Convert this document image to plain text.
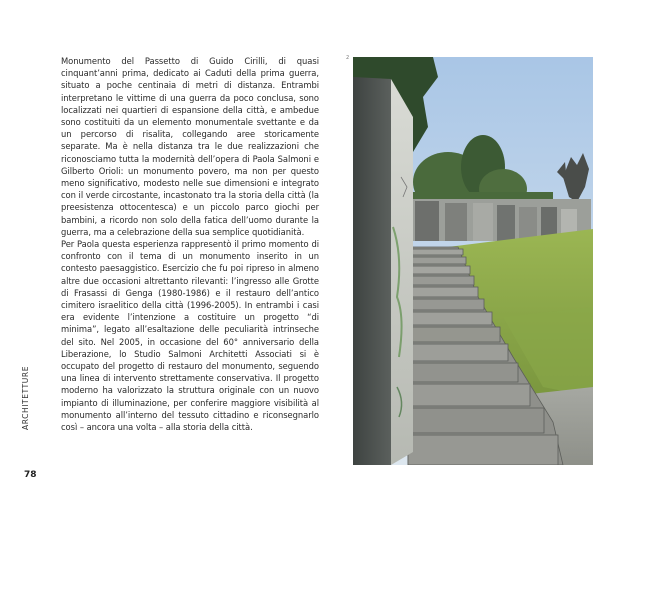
Monumento del Passetto di Guido Cirilli, di quasi cinquant’anni prima, dedicato ai Caduti della prima guerra, situato a poche centinaia di metri di distanza. Entrambi interpretano le vittime di una guerra da poco conclusa, sono localizzati nei quartieri di espansione della città, e ambedue sono costituiti da un elemento monumentale svettante e da un percorso di risalita, collegando aree storicamente separate. Ma è nella distanza tra le due realizzazioni che riconosciamo tutta la modernità dell’opera di Paola Salmoni e Gilberto Orioli: un monumento povero, ma non per questo meno significativo, modesto nelle sue dimensioni e integrato con il verde circostante, incastonato tra la storia della città (la preesistenza ottocentesca) e un piccolo parco giochi per bambini, a ricordo non solo della fatica dell’uomo durante la guerra, ma a celebrazione della sua semplice quotidianità.

Per Paola questa esperienza rappresentò il primo momento di confronto con il tema di un monumento inserito in un contesto paesaggistico. Esercizio che fu poi ripreso in almeno altre due occasioni altrettanto rilevanti: l’ingresso alle Grotte di Frasassi di Genga (1980-1986) e il restauro dell’antico cimitero israelitico della città (1996-2005). In entrambi i casi era evidente l’intenzione a costituire un progetto “di minima”, legato all’esaltazione delle peculiarità intrinseche del sito. Nel 2005, in occasione del 60° anniversario della Liberazione, lo Studio Salmoni Architetti Associati si è occupato del progetto di restauro del monumento, seguendo una linea di intervento strettamente conservativa. Il progetto moderno ha valorizzato la struttura originale con un nuovo impianto di illuminazione, per conferire maggiore visibilità al monumento all’interno del tessuto cittadino e riconsegnarlo così – ancora una volta – alla storia della città.

ARCHITETTURE
78
2
